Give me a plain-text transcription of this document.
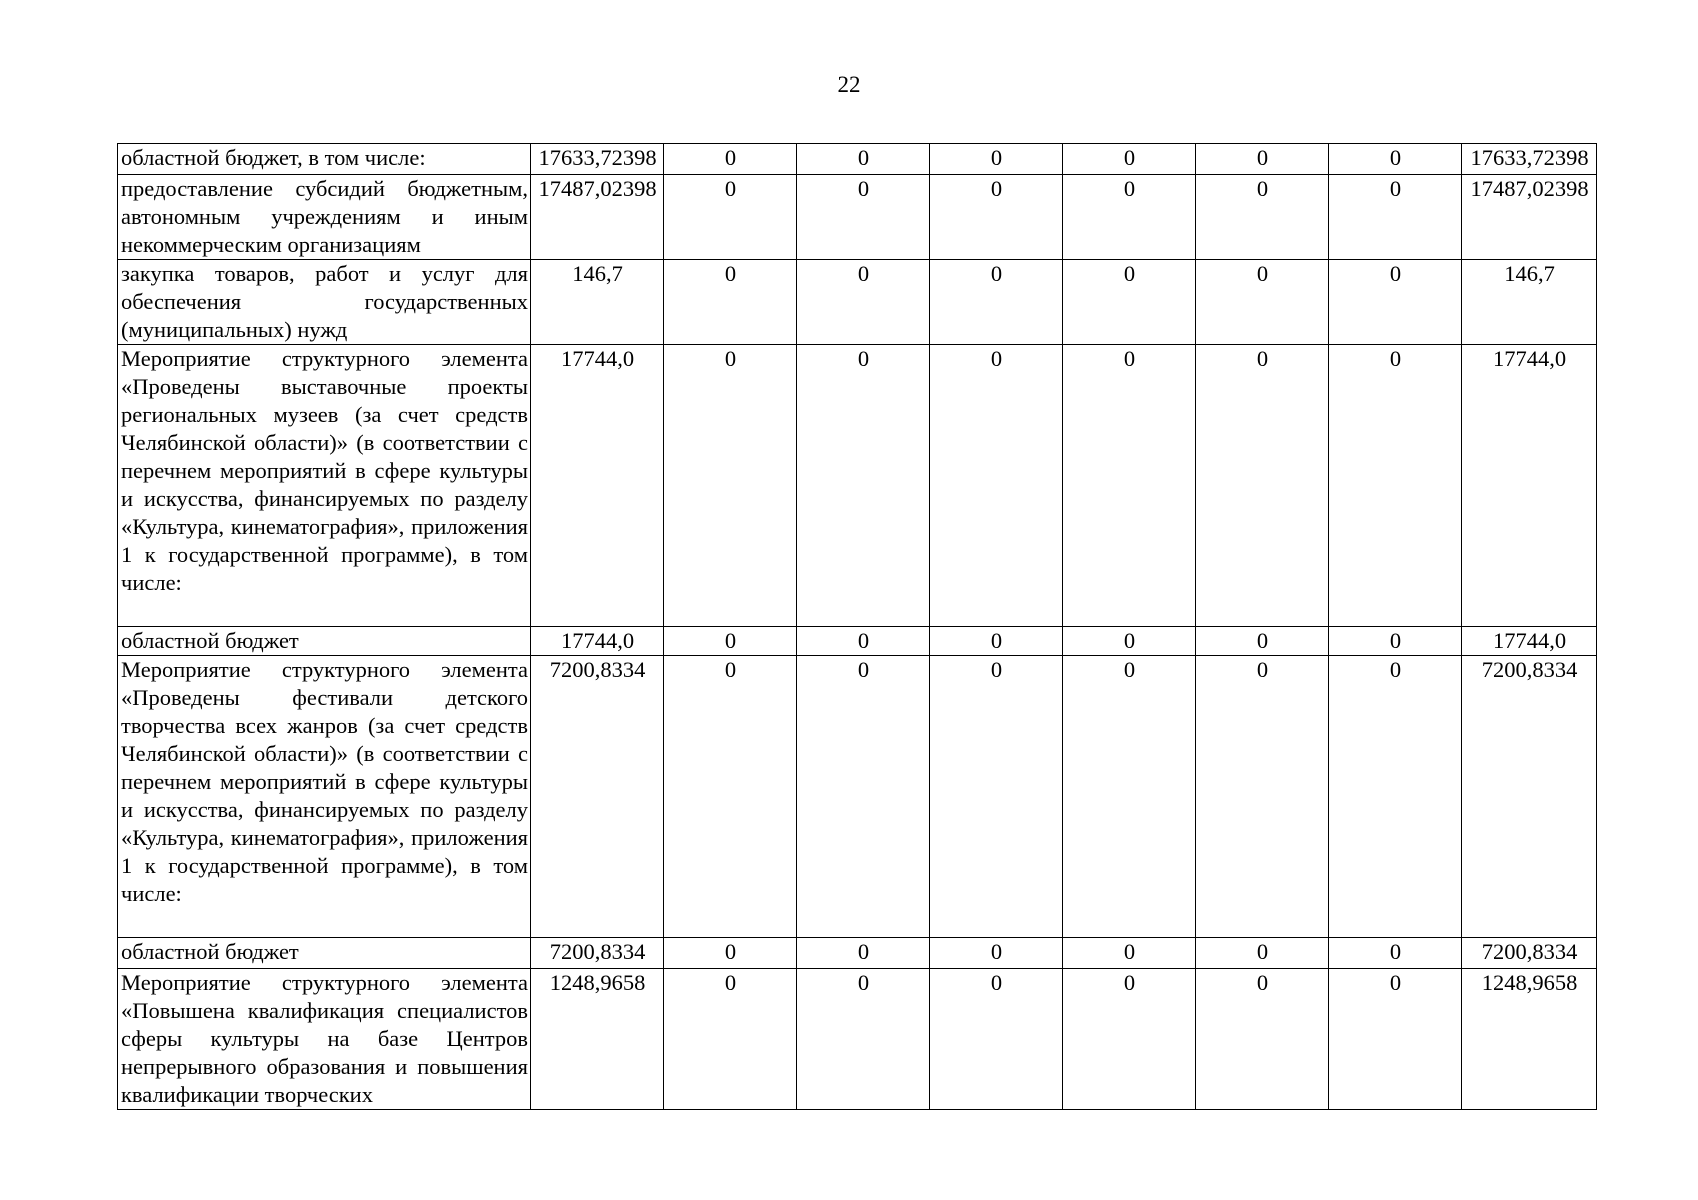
22
областной бюджет, в том числе:	17633,72398	0	0	0	0	0	0	17633,72398
предоставление субсидий бюджетным, автономным учреждениям и иным некоммерческим организациям	17487,02398	0	0	0	0	0	0	17487,02398
закупка товаров, работ и услуг для обеспечения государственных (муниципальных) нужд	146,7	0	0	0	0	0	0	146,7
Мероприятие структурного элемента «Проведены выставочные проекты региональных музеев (за счет средств Челябинской области)» (в соответствии с перечнем мероприятий в сфере культуры и искусства, финансируемых по разделу «Культура, кинематография», приложения 1 к государственной программе), в том числе:	17744,0	0	0	0	0	0	0	17744,0
областной бюджет	17744,0	0	0	0	0	0	0	17744,0
Мероприятие структурного элемента «Проведены фестивали детского творчества всех жанров (за счет средств Челябинской области)» (в соответствии с перечнем мероприятий в сфере культуры и искусства, финансируемых по разделу «Культура, кинематография», приложения 1 к государственной программе), в том числе:	7200,8334	0	0	0	0	0	0	7200,8334
областной бюджет	7200,8334	0	0	0	0	0	0	7200,8334
Мероприятие структурного элемента «Повышена квалификация специалистов сферы культуры на базе Центров непрерывного образования и повышения квалификации творческих	1248,9658	0	0	0	0	0	0	1248,9658
